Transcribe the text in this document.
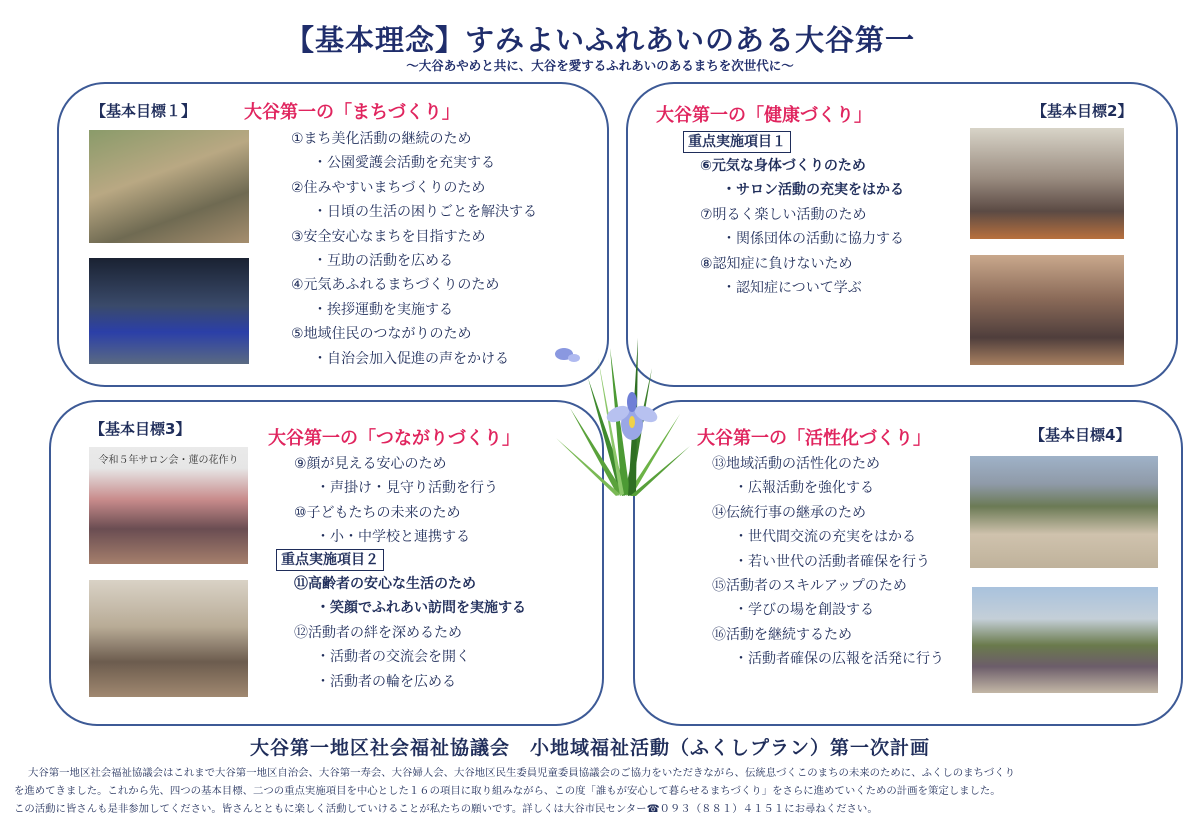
【基本理念】すみよいふれあいのある大谷第一
～大谷あやめと共に、大谷を愛するふれあいのあるまちを次世代に～
【基本目標１】	大谷第一の「まちづくり」
①まち美化活動の継続のため
・公園愛護会活動を充実する
②住みやすいまちづくりのため
・日頃の生活の困りごとを解決する
③安全安心なまちを目指すため
・互助の活動を広める
④元気あふれるまちづくりのため
・挨拶運動を実施する
⑤地域住民のつながりのため
・自治会加入促進の声をかける
大谷第一の「健康づくり」	【基本目標2】
重点実施項目１
⑥元気な身体づくりのため
・サロン活動の充実をはかる
⑦明るく楽しい活動のため
・関係団体の活動に協力する
⑧認知症に負けないため
・認知症について学ぶ
【基本目標3】	大谷第一の「つながりづくり」
令和５年サロン会・蓮の花作り	⑨顔が見える安心のため
・声掛け・見守り活動を行う
⑩子どもたちの未来のため
・小・中学校と連携する
重点実施項目２
⑪高齢者の安心な生活のため
・笑顔でふれあい訪問を実施する
⑫活動者の絆を深めるため
・活動者の交流会を開く
・活動者の輪を広める
大谷第一の「活性化づくり」	【基本目標4】
⑬地域活動の活性化のため
・広報活動を強化する
⑭伝統行事の継承のため
・世代間交流の充実をはかる
・若い世代の活動者確保を行う
⑮活動者のスキルアップのため
・学びの場を創設する
⑯活動を継続するため
・活動者確保の広報を活発に行う
大谷第一地区社会福祉協議会　小地域福祉活動（ふくしプラン）第一次計画

大谷第一地区社会福祉協議会はこれまで大谷第一地区自治会、大谷第一寿会、大谷婦人会、大谷地区民生委員児童委員協議会のご協力をいただきながら、伝統息づくこのまちの未来のために、ふくしのまちづくり

を進めてきました。これから先、四つの基本目標、二つの重点実施項目を中心とした１６の項目に取り組みながら、この度「誰もが安心して暮らせるまちづくり」をさらに進めていくための計画を策定しました。

この活動に皆さんも是非参加してください。皆さんとともに楽しく活動していけることが私たちの願いです。詳しくは大谷市民センター☎０９３（８８１）４１５１にお尋ねください。
